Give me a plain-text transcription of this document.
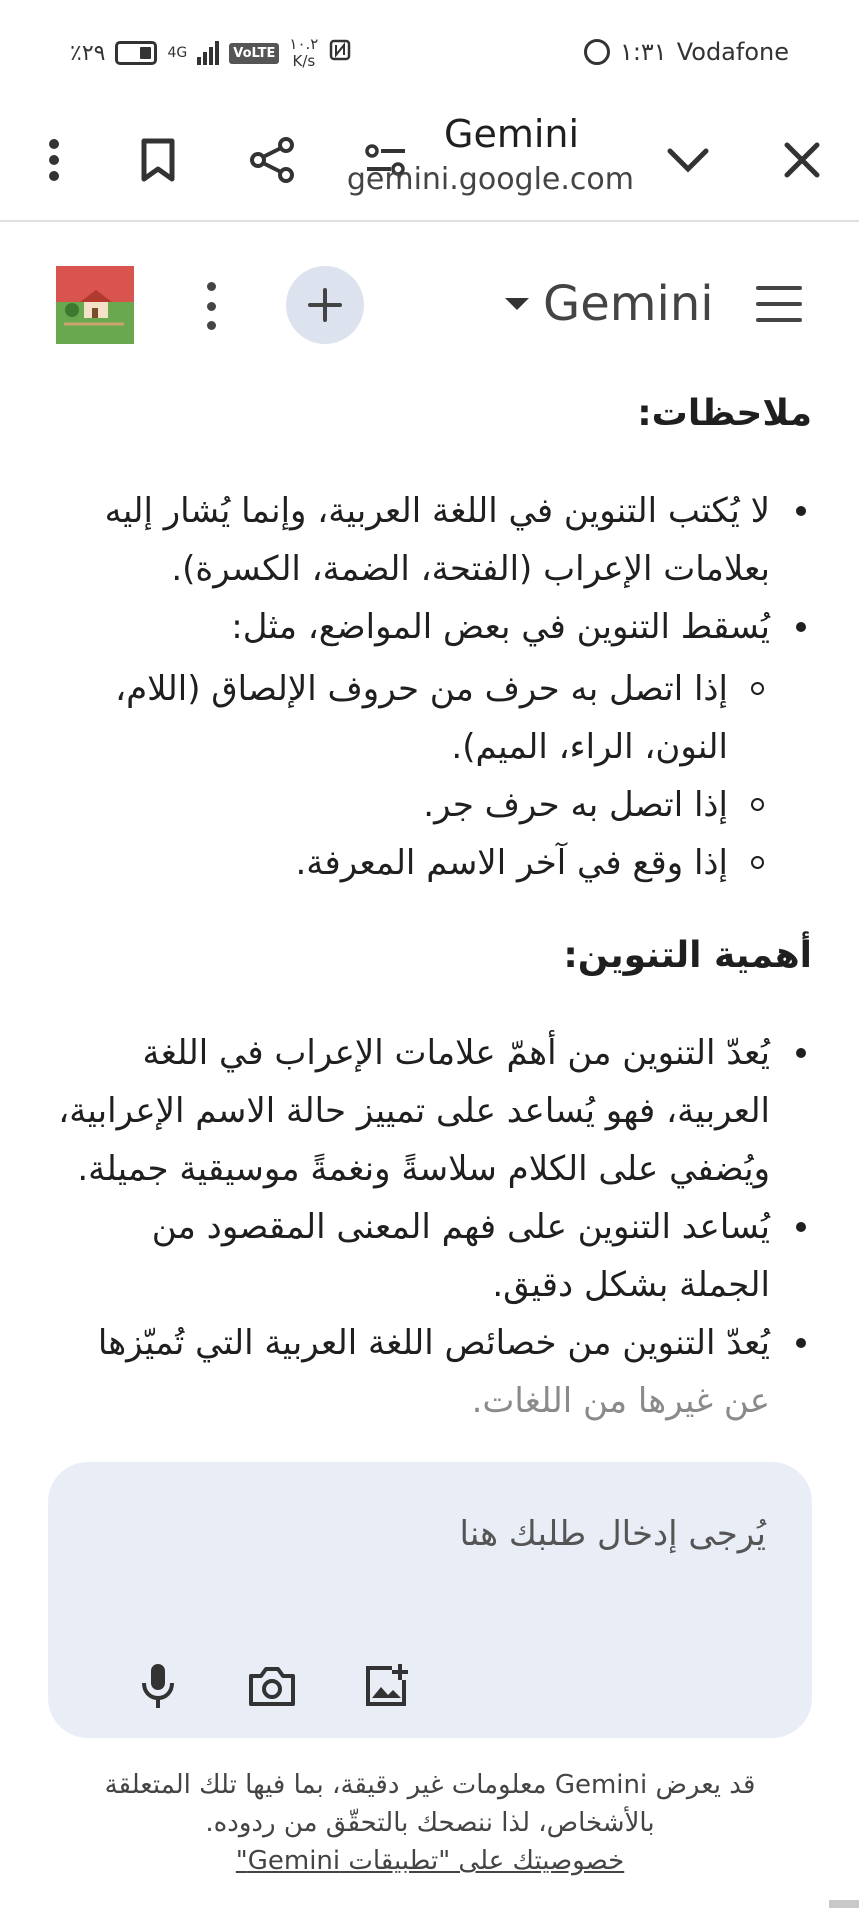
٪٢٩	4G	VoLTE ١٠.٢
K/s	١:٣١ Vodafone
Gemini
gemini.google.com
Gemini
ملاحظات:
لا يُكتب التنوين في اللغة العربية، وإنما يُشار إليه بعلامات الإعراب (الفتحة، الضمة، الكسرة).
يُسقط التنوين في بعض المواضع، مثل:
إذا اتصل به حرف من حروف الإلصاق (اللام، النون، الراء، الميم).
إذا اتصل به حرف جر.
إذا وقع في آخر الاسم المعرفة.
أهمية التنوين:
يُعدّ التنوين من أهمّ علامات الإعراب في اللغة العربية، فهو يُساعد على تمييز حالة الاسم الإعرابية، ويُضفي على الكلام سلاسةً ونغمةً موسيقية جميلة.
يُساعد التنوين على فهم المعنى المقصود من الجملة بشكل دقيق.
يُعدّ التنوين من خصائص اللغة العربية التي تُميّزها عن غيرها من اللغات.
يُرجى إدخال طلبك هنا
قد يعرض Gemini معلومات غير دقيقة، بما فيها تلك المتعلقة بالأشخاص، لذا ننصحك بالتحقّق من ردوده.
خصوصيتك على "تطبيقات Gemini"
